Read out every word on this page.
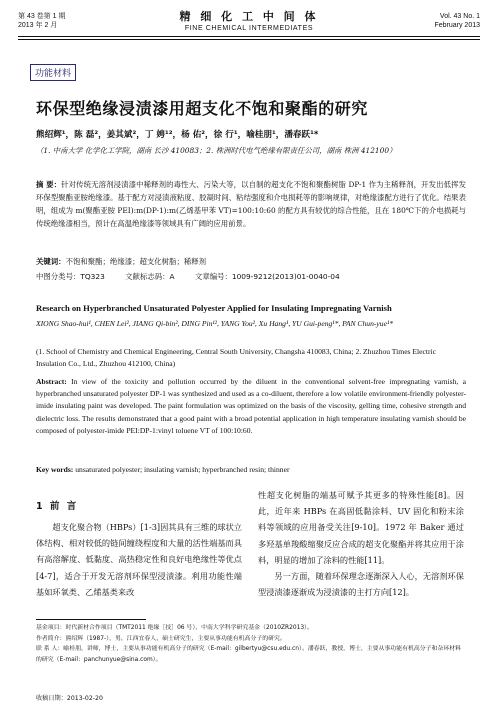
第 43 卷第 1 期
2013 年 2 月
精 细 化 工 中 间 体
FINE CHEMICAL INTERMEDIATES
Vol. 43 No. 1
February 2013
功能材料
环保型绝缘浸渍漆用超支化不饱和聚酯的研究
熊绍辉¹，陈 磊²，姜其斌²，丁 娉¹²，杨 佑²，徐 行¹，喻桂朋¹，潘春跃¹*
（1. 中南大学 化学化工学院，湖南 长沙 410083；2. 株洲时代电气绝缘有限责任公司，湖南 株洲 412100）
摘 要：针对传统无溶剂浸渍漆中稀释剂的毒性大、污染大等，以自制的超支化不饱和聚酯树脂 DP-1 作为主稀释剂，开发出低挥发环保型聚酯亚胺绝缘漆。基于配方对浸渍液粘度、胶凝时间、粘结强度和介电损耗等的影响规律，对绝缘漆配方进行了优化。结果表明，组成为 m(聚酯亚胺 PEI):m(DP-1):m(乙烯基甲苯 VT)=100:10:60 的配方具有较优的综合性能，且在 180℃下的介电损耗与传统绝缘漆相当，预计在高温绝缘漆等领域具有广阔的应用前景。
关键词：不饱和聚酯；绝缘漆；超支化树脂；稀释剂
中图分类号：TQ323	文献标志码：A	文章编号：1009-9212(2013)01-0040-04
Research on Hyperbranched Unsaturated Polyester Applied for Insulating Impregnating Varnish
XIONG Shao-hui¹, CHEN Lei², JIANG Qi-bin², DING Pin¹², YANG You², Xu Hang¹, YU Gui-peng¹*, PAN Chun-yue¹*
(1. School of Chemistry and Chemical Engineering, Central South University, Changsha 410083, China; 2. Zhuzhou Times Electric Insulation Co., Ltd., Zhuzhou 412100, China)
Abstract: In view of the toxicity and pollution occurred by the diluent in the conventional solvent-free impregnating varnish, a hyperbranched unsaturated polyester DP-1 was synthesized and used as a co-diluent, therefore a low volatile environment-friendly polyester-imide insulating paint was developed. The paint formulation was optimized on the basis of the viscosity, gelling time, cohesive strength and dielectric loss. The results demonstrated that a good paint with a broad potential application in high temperature insulating varnish should be composed of polyester-imide PEI:DP-1:vinyl toluene VT of 100:10:60.
Key words: unsaturated polyester; insulating varnish; hyperbranched resin; thinner
1 前 言
超支化聚合物（HBPs）[1-3]因其具有三维的球状立体结构、相对较低的链间缠绕程度和大量的活性端基而具有高溶解度、低黏度、高热稳定性和良好电绝缘性等优点[4-7]，适合于开发无溶剂环保型浸渍漆。利用功能性端基如环氧类、乙烯基类来改
性超支化树脂的端基可赋予其更多的特殊性能[8]。因此，近年来 HBPs 在高固低黏涂料、UV 固化和粉末涂料等领域的应用备受关注[9-10]。1972 年 Baker 通过多羟基单羧酸缩聚反应合成的超支化聚酯并将其应用于涂料，明显的增加了涂料的性能[11]。
另一方面，随着环保理念逐渐深入人心，无溶剂环保型浸渍漆逐渐成为浸渍漆的主打方向[12]。
基金项目：时代新材合作项目（TMT2011 绝缘［技］06 号），中南大学科学研究基金（2010ZR2013）。
作者简介：熊绍辉（1987-），男，江西宜春人，硕士研究生，主要从事功能有机高分子的研究。
联 系 人：喻桂朋，讲师，博士，主要从事功能有机高分子的研究（E-mail：gilbertyu@csu.edu.cn）。潘春跃，教授，博士，主要从事功能有机高分子和杂环材料的研究（E-mail：panchunyue@sina.com）。
收稿日期：2013-02-20
